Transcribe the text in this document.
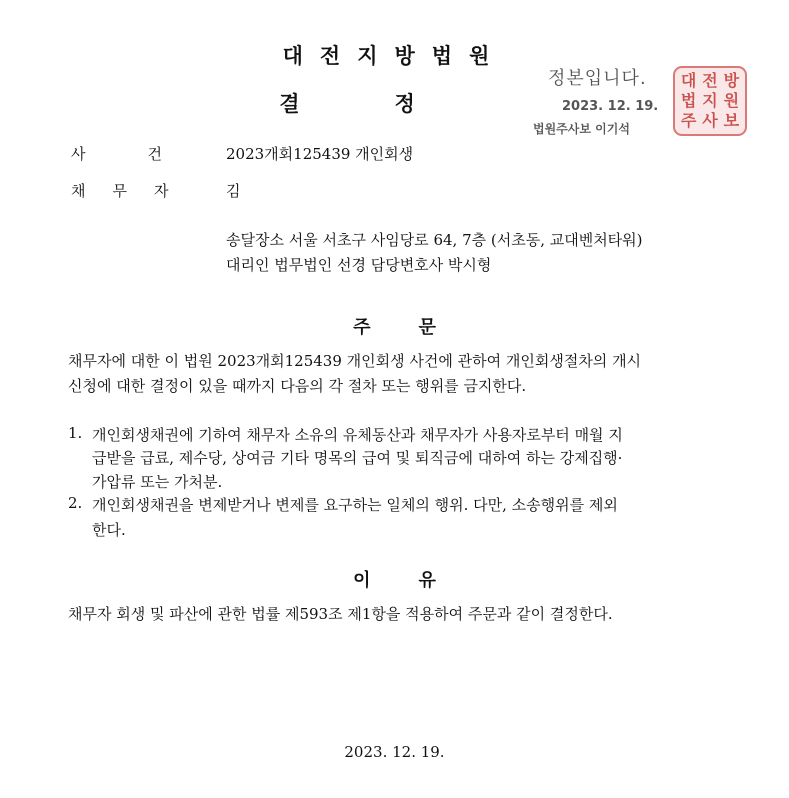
대전지방법원
결정
정본입니다.
2023. 12. 19.
법원주사보 이기석
대 전 방
법 지 원
주 사 보
사건 2023개회125439 개인회생
채무자 김
송달장소 서울 서초구 사임당로 64, 7층 (서초동, 교대벤처타워)
대리인 법무법인 선경 담당변호사 박시형
주문
채무자에 대한 이 법원 2023개회125439 개인회생 사건에 관하여 개인회생절차의 개시
신청에 대한 결정이 있을 때까지 다음의 각 절차 또는 행위를 금지한다.
1. 개인회생채권에 기하여 채무자 소유의 유체동산과 채무자가 사용자로부터 매월 지
급받을 급료, 제수당, 상여금 기타 명목의 급여 및 퇴직금에 대하여 하는 강제집행·
가압류 또는 가처분.
2. 개인회생채권을 변제받거나 변제를 요구하는 일체의 행위. 다만, 소송행위를 제외
한다.
이유
채무자 회생 및 파산에 관한 법률 제593조 제1항을 적용하여 주문과 같이 결정한다.
2023. 12. 19.
